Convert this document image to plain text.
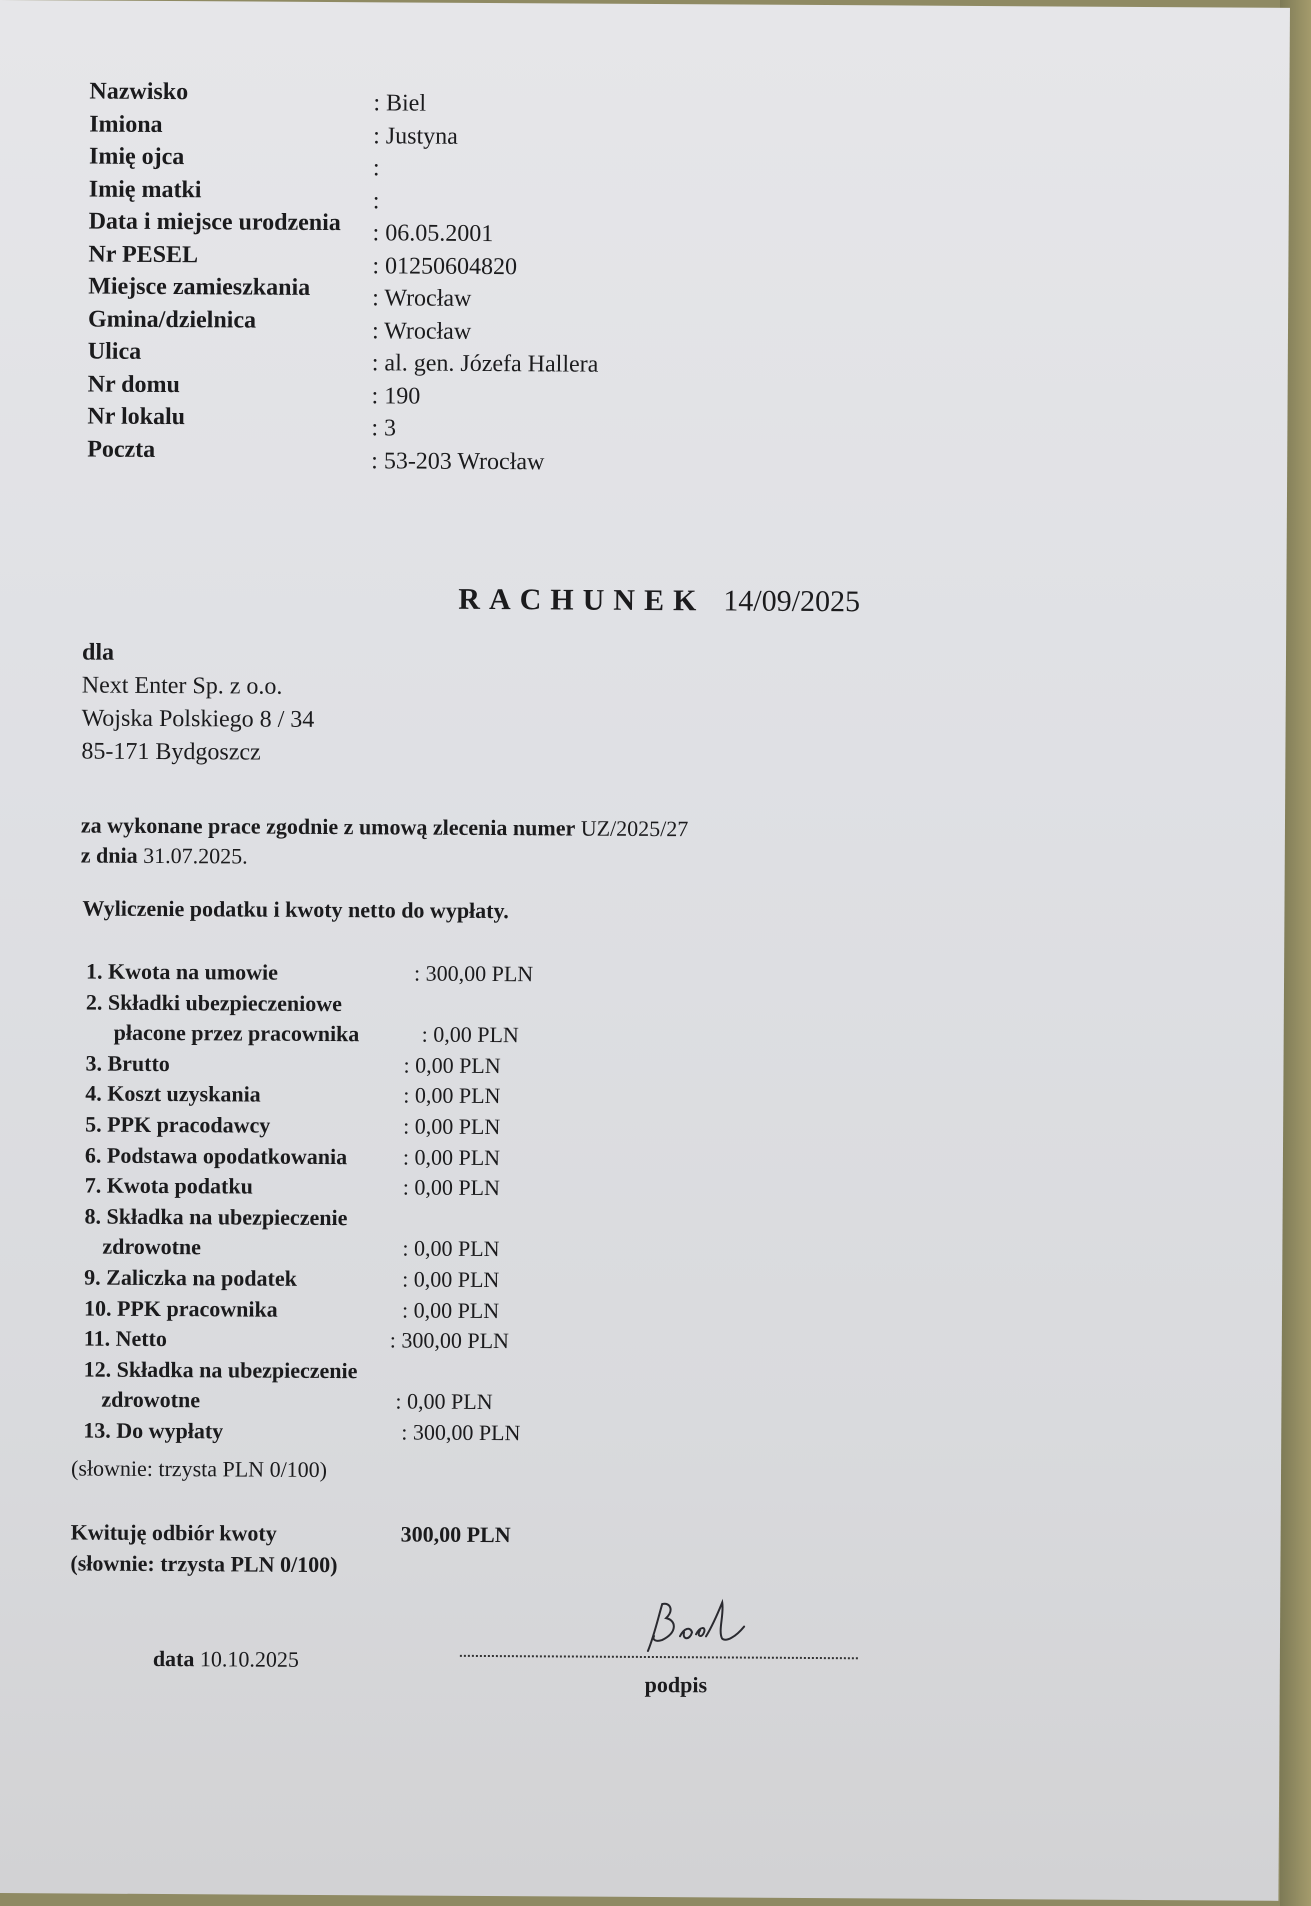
Nazwisko	: Biel
Imiona	: Justyna
Imię ojca	:
Imię matki	:
Data i miejsce urodzenia : 06.05.2001
Nr PESEL	: 01250604820
Miejsce zamieszkania	: Wrocław
Gmina/dzielnica	: Wrocław
Ulica	: al. gen. Józefa Hallera
Nr domu	: 190
Nr lokalu	: 3
Poczta	: 53-203 Wrocław
RACHUNEK 14/09/2025
dla
Next Enter Sp. z o.o.
Wojska Polskiego 8 / 34
85-171 Bydgoszcz
za wykonane prace zgodnie z umową zlecenia numer UZ/2025/27
z dnia 31.07.2025.
Wyliczenie podatku i kwoty netto do wypłaty.
1. Kwota na umowie	: 300,00 PLN
2. Składki ubezpieczeniowe
płacone przez pracownika	: 0,00 PLN
3. Brutto	: 0,00 PLN
4. Koszt uzyskania	: 0,00 PLN
5. PPK pracodawcy	: 0,00 PLN
6. Podstawa opodatkowania	: 0,00 PLN
7. Kwota podatku	: 0,00 PLN
8. Składka na ubezpieczenie
zdrowotne	: 0,00 PLN
9. Zaliczka na podatek	: 0,00 PLN
10. PPK pracownika	: 0,00 PLN
11. Netto	: 300,00 PLN
12. Składka na ubezpieczenie
zdrowotne	: 0,00 PLN
13. Do wypłaty	: 300,00 PLN
(słownie: trzysta PLN 0/100)
Kwituję odbiór kwoty	300,00 PLN
(słownie: trzysta PLN 0/100)
data 10.10.2025
podpis
